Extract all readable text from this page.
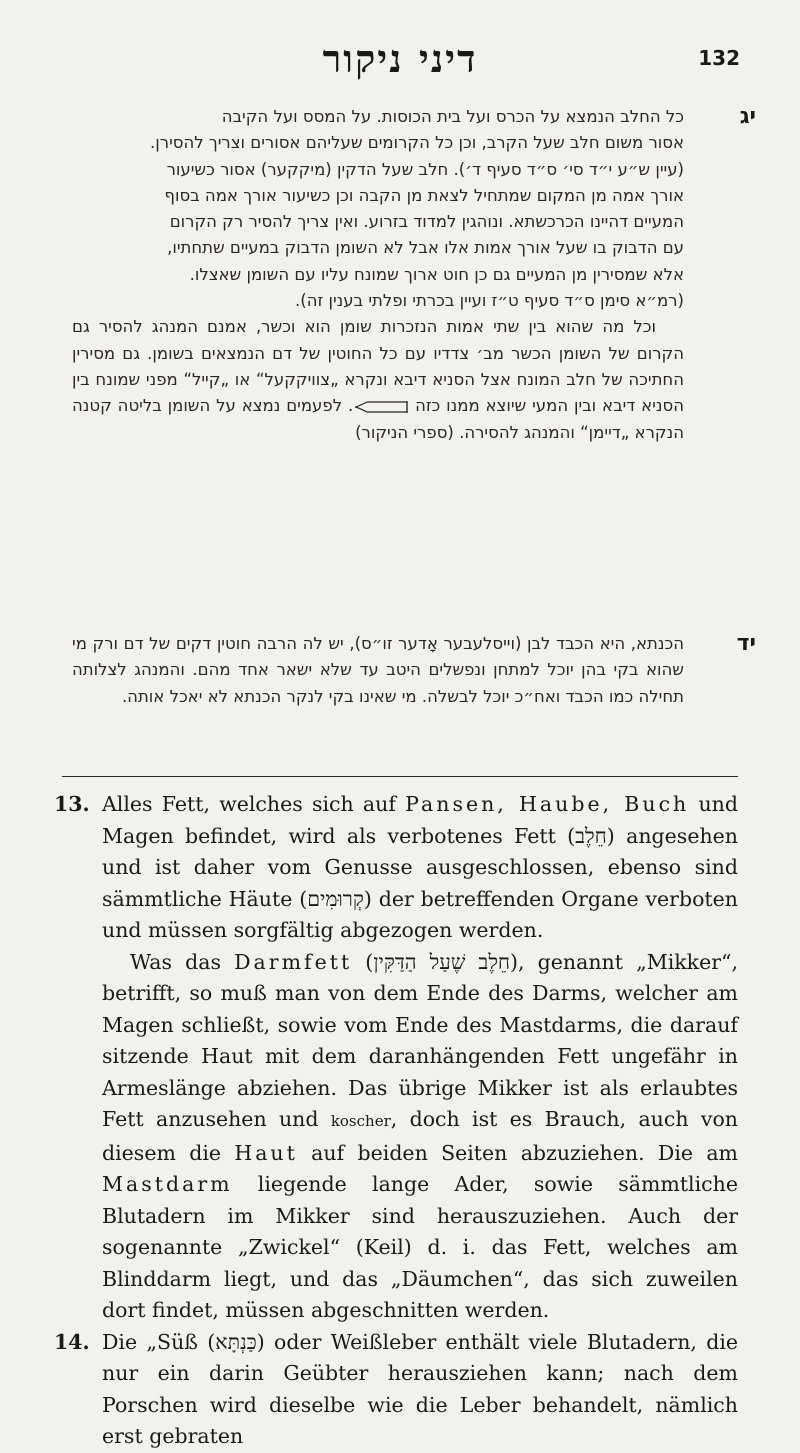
דיני ניקור	132
יג

כל החלב הנמצא על הכרס ועל בית הכוסות. על המסס ועל הקיבה

אסור משום חלב שעל הקרב, וכן כל הקרומים שעליהם אסורים וצריך להסירן.

(עיין ש״ע י״ד סי׳ ס״ד סעיף ד׳). חלב שעל הדקין (מיקקער) אסור כשיעור

אורך אמה מן המקום שמתחיל לצאת מן הקבה וכן כשיעור אורך אמה בסוף

המעיים דהיינו הכרכשתא. ונוהגין למדוד בזרוע. ואין צריך להסיר רק הקרום

עם הדבוק בו שעל אורך אמות אלו אבל לא השומן הדבוק במעיים שתחתיו,

אלא שמסירין מן המעיים גם כן חוט ארוך שמונח עליו עם השומן שאצלו.

(רמ״א סימן ס״ד סעיף ט״ז ועיין בכרתי ופלתי בענין זה).

וכל מה שהוא בין שתי אמות הנזכרות שומן הוא וכשר, אמנם המנהג להסיר גם הקרום של השומן הכשר מב׳ צדדיו עם כל החוטין של דם הנמצאים בשומן. גם מסירין החתיכה של חלב המונח אצל הסניא דיבא ונקרא „צוויקקעל“ או „קייל“ מפני שמונח בין הסניא דיבא ובין המעי שיוצא ממנו כזה . לפעמים נמצא על השומן בליטה קטנה הנקרא „דיימן“ והמנהג להסירה. (ספרי הניקור)

יד

הכנתא, היא הכבד לבן (וייסלעבער אָדער זו״ס), יש לה הרבה חוטין דקים של דם ורק מי שהוא בקי בהן יוכל למתחן ונפשלים היטב עד שלא ישאר אחד מהם. והמנהג לצלותה תחילה כמו הכבד ואח״כ יוכל לבשלה. מי שאינו בקי לנקר הכנתא לא יאכל אותה.

13. Alles Fett, welches sich auf Pansen, Haube, Buch und Magen befindet, wird als verbotenes Fett (חֵלֶב) angesehen und ist daher vom Genusse ausgeschlossen, ebenso sind sämmtliche Häute (קְרוּמִים) der betreffenden Organe verboten und müssen sorgfältig abgezogen werden.

Was das Darmfett (חֵלֶב שֶׁעַל הַדַּקִּין), genannt „Mikker“, betrifft, so muß man von dem Ende des Darms, welcher am Magen schließt, sowie vom Ende des Mastdarms, die darauf sitzende Haut mit dem daranhängenden Fett ungefähr in Armeslänge abziehen. Das übrige Mikker ist als erlaubtes Fett anzusehen und koscher, doch ist es Brauch, auch von diesem die Haut auf beiden Seiten abzuziehen. Die am Mastdarm liegende lange Ader, sowie sämmtliche Blutadern im Mikker sind herauszuziehen. Auch der sogenannte „Zwickel“ (Keil) d. i. das Fett, welches am Blinddarm liegt, und das „Däumchen“, das sich zuweilen dort findet, müssen abgeschnitten werden.

14. Die „Süß (כַּנְתָּא) oder Weißleber enthält viele Blutadern, die nur ein darin Geübter herausziehen kann; nach dem Porschen wird dieselbe wie die Leber behandelt, nämlich erst gebraten
